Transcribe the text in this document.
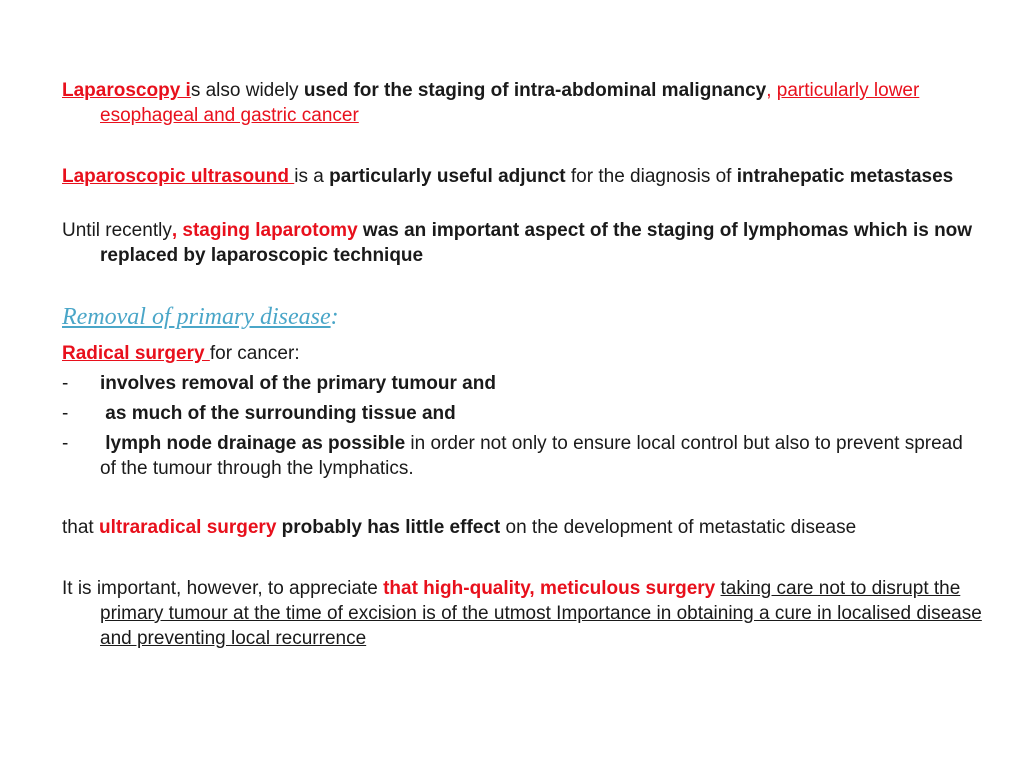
Laparoscopy is also widely used for the staging of intra-abdominal malignancy, particularly lower esophageal and gastric cancer
Laparoscopic ultrasound is a particularly useful adjunct for the diagnosis of intrahepatic metastases
Until recently, staging laparotomy was an important aspect of the staging of lymphomas which is now replaced by laparoscopic technique
Removal of primary disease:
Radical surgery for cancer:
-	involves removal of the primary tumour and
-	as much of the surrounding tissue and
-	lymph node drainage as possible in order not only to ensure local control but also to prevent spread of the tumour through the lymphatics.
that ultraradical surgery probably has little effect on the development of metastatic disease
It is important, however, to appreciate that high-quality, meticulous surgery taking care not to disrupt the primary tumour at the time of excision is of the utmost Importance in obtaining a cure in localised disease and preventing local recurrence
